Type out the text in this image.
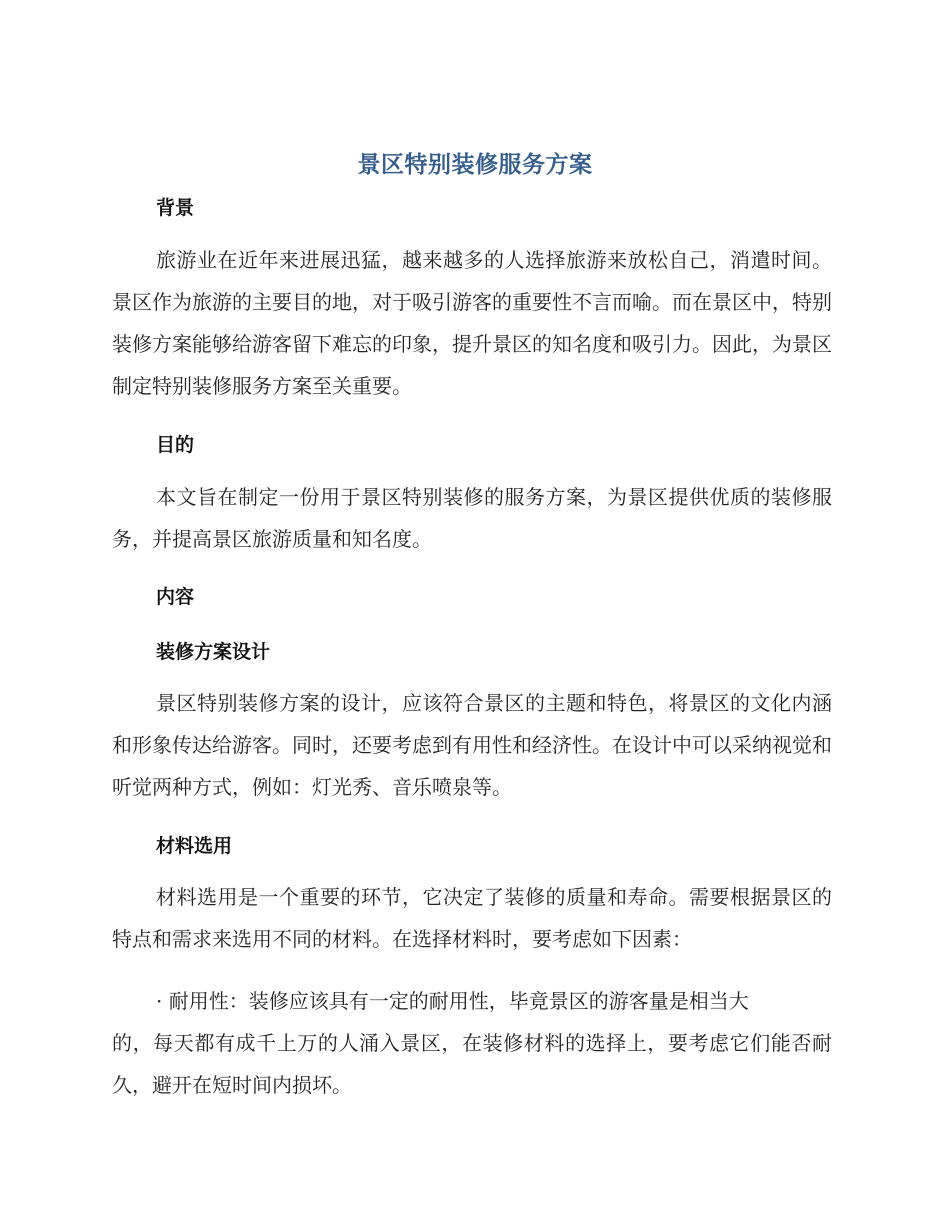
景区特别装修服务方案
背景
旅游业在近年来进展迅猛，越来越多的人选择旅游来放松自己，消遣时间。景区作为旅游的主要目的地，对于吸引游客的重要性不言而喻。而在景区中，特别装修方案能够给游客留下难忘的印象，提升景区的知名度和吸引力。因此，为景区制定特别装修服务方案至关重要。
目的
本文旨在制定一份用于景区特别装修的服务方案，为景区提供优质的装修服务，并提高景区旅游质量和知名度。
内容
装修方案设计
景区特别装修方案的设计，应该符合景区的主题和特色，将景区的文化内涵和形象传达给游客。同时，还要考虑到有用性和经济性。在设计中可以采纳视觉和听觉两种方式，例如：灯光秀、音乐喷泉等。
材料选用
材料选用是一个重要的环节，它决定了装修的质量和寿命。需要根据景区的特点和需求来选用不同的材料。在选择材料时，要考虑如下因素：
· 耐用性：装修应该具有一定的耐用性，毕竟景区的游客量是相当大
的，每天都有成千上万的人涌入景区，在装修材料的选择上，要考虑它们能否耐久，避开在短时间内损坏。
